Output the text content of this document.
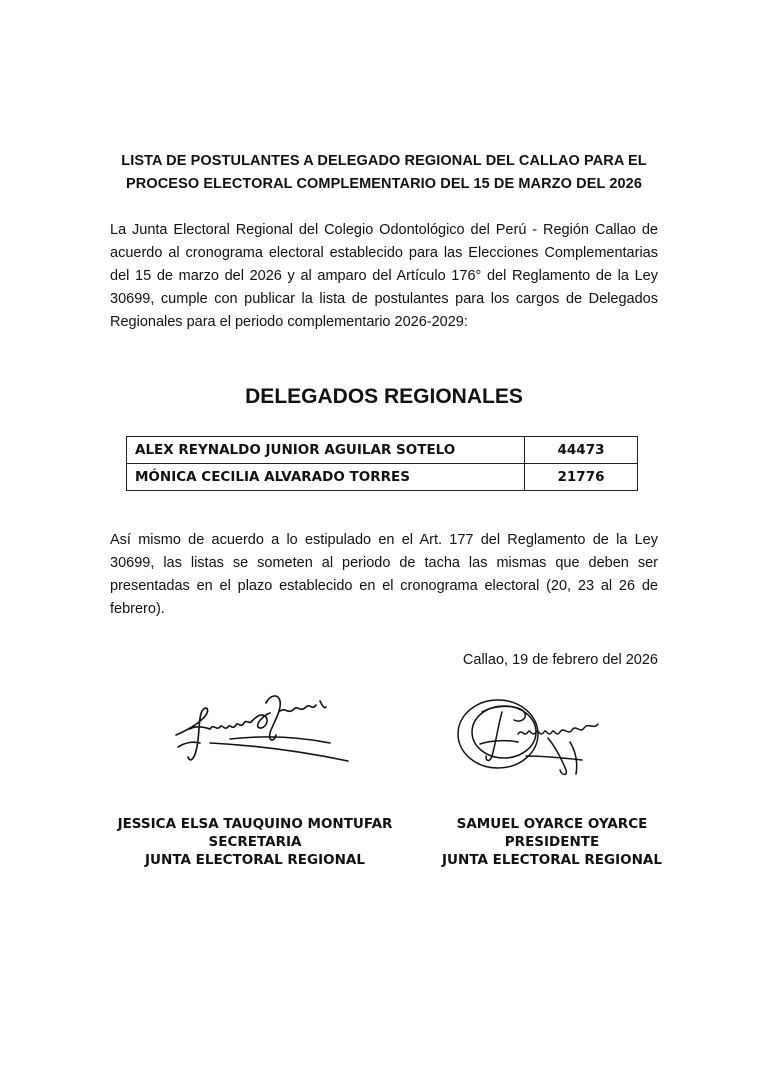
LISTA DE POSTULANTES A DELEGADO REGIONAL DEL CALLAO PARA EL
PROCESO ELECTORAL COMPLEMENTARIO DEL 15 DE MARZO DEL 2026
La Junta Electoral Regional del Colegio Odontológico del Perú - Región Callao de acuerdo al cronograma electoral establecido para las Elecciones Complementarias del 15 de marzo del 2026 y al amparo del Artículo 176° del Reglamento de la Ley 30699, cumple con publicar la lista de postulantes para los cargos de Delegados Regionales para el periodo complementario 2026-2029:
DELEGADOS REGIONALES
ALEX REYNALDO JUNIOR AGUILAR SOTELO	44473
MÓNICA CECILIA ALVARADO TORRES	21776
Así mismo de acuerdo a lo estipulado en el Art. 177 del Reglamento de la Ley 30699, las listas se someten al periodo de tacha las mismas que deben ser presentadas en el plazo establecido en el cronograma electoral (20, 23 al 26 de febrero).
Callao, 19 de febrero del 2026
JESSICA ELSA TAUQUINO MONTUFAR
SECRETARIA
JUNTA ELECTORAL REGIONAL
SAMUEL OYARCE OYARCE
PRESIDENTE
JUNTA ELECTORAL REGIONAL
